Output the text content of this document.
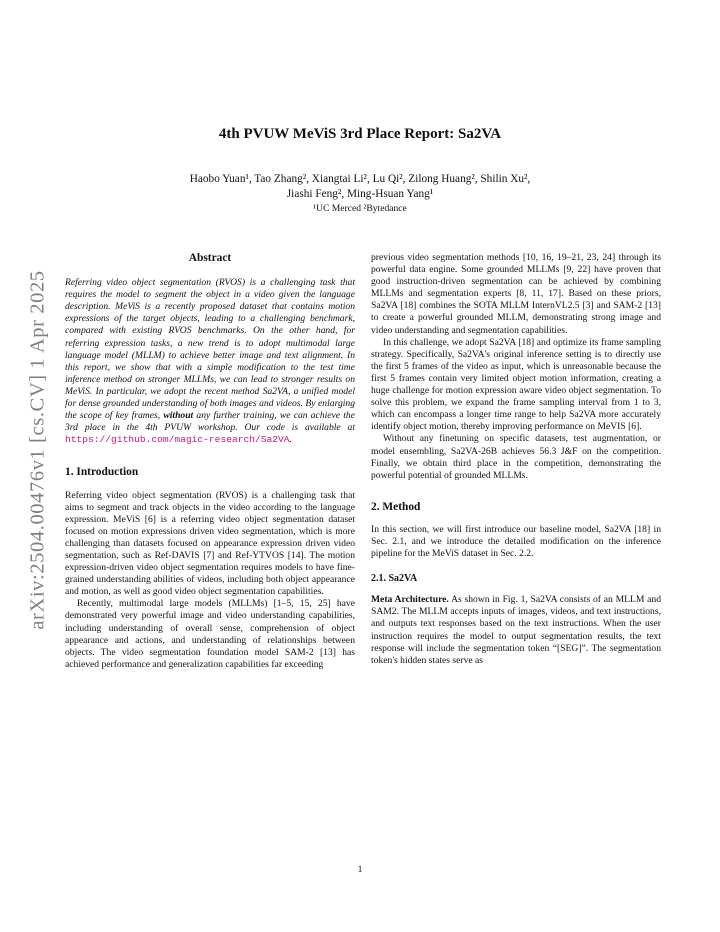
arXiv:2504.00476v1 [cs.CV] 1 Apr 2025
4th PVUW MeViS 3rd Place Report: Sa2VA
Haobo Yuan¹, Tao Zhang², Xiangtai Li², Lu Qi², Zilong Huang², Shilin Xu²,
Jiashi Feng², Ming-Hsuan Yang¹
¹UC Merced ²Bytedance
Abstract

Referring video object segmentation (RVOS) is a challenging task that requires the model to segment the object in a video given the language description. MeViS is a recently proposed dataset that contains motion expressions of the target objects, leading to a challenging benchmark, compared with existing RVOS benchmarks. On the other hand, for referring expression tasks, a new trend is to adopt multimodal large language model (MLLM) to achieve better image and text alignment. In this report, we show that with a simple modification to the test time inference method on stronger MLLMs, we can lead to stronger results on MeViS. In particular, we adopt the recent method Sa2VA, a unified model for dense grounded understanding of both images and videos. By enlarging the scope of key frames, without any further training, we can achieve the 3rd place in the 4th PVUW workshop. Our code is available at https://github.com/magic-research/Sa2VA.

1. Introduction

Referring video object segmentation (RVOS) is a challenging task that aims to segment and track objects in the video according to the language expression. MeViS [6] is a referring video object segmentation dataset focused on motion expressions driven video segmentation, which is more challenging than datasets focused on appearance expression driven video segmentation, such as Ref-DAVIS [7] and Ref-YTVOS [14]. The motion expression-driven video object segmentation requires models to have fine-grained understanding abilities of videos, including both object appearance and motion, as well as good video object segmentation capabilities.

Recently, multimodal large models (MLLMs) [1–5, 15, 25] have demonstrated very powerful image and video understanding capabilities, including understanding of overall sense, comprehension of object appearance and actions, and understanding of relationships between objects. The video segmentation foundation model SAM-2 [13] has achieved performance and generalization capabilities far exceeding

previous video segmentation methods [10, 16, 19–21, 23, 24] through its powerful data engine. Some grounded MLLMs [9, 22] have proven that good instruction-driven segmentation can be achieved by combining MLLMs and segmentation experts [8, 11, 17]. Based on these priors, Sa2VA [18] combines the SOTA MLLM InternVL2.5 [3] and SAM-2 [13] to create a powerful grounded MLLM, demonstrating strong image and video understanding and segmentation capabilities.

In this challenge, we adopt Sa2VA [18] and optimize its frame sampling strategy. Specifically, Sa2VA's original inference setting is to directly use the first 5 frames of the video as input, which is unreasonable because the first 5 frames contain very limited object motion information, creating a huge challenge for motion expression aware video object segmentation. To solve this problem, we expand the frame sampling interval from 1 to 3, which can encompass a longer time range to help Sa2VA more accurately identify object motion, thereby improving performance on MeVIS [6].

Without any finetuning on specific datasets, test augmentation, or model ensembling, Sa2VA-26B achieves 56.3 J&F on the competition. Finally, we obtain third place in the competition, demonstrating the powerful potential of grounded MLLMs.

2. Method

In this section, we will first introduce our baseline model, Sa2VA [18] in Sec. 2.1, and we introduce the detailed modification on the inference pipeline for the MeViS dataset in Sec. 2.2.

2.1. Sa2VA

Meta Architecture. As shown in Fig. 1, Sa2VA consists of an MLLM and SAM2. The MLLM accepts inputs of images, videos, and text instructions, and outputs text responses based on the text instructions. When the user instruction requires the model to output segmentation results, the text response will include the segmentation token “[SEG]”. The segmentation token's hidden states serve as

1
